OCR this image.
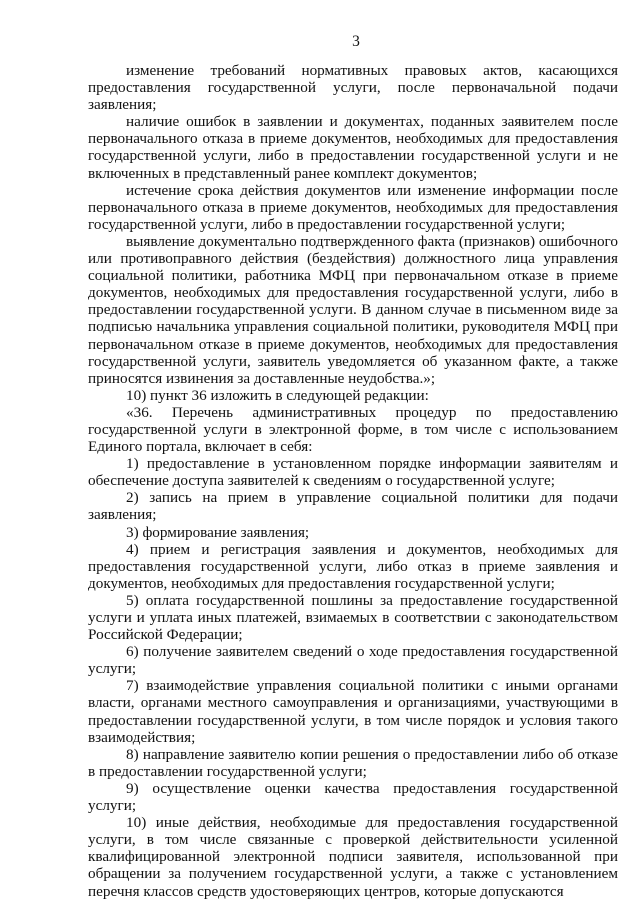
3

изменение требований нормативных правовых актов, касающихся предоставления государственной услуги, после первоначальной подачи заявления;

наличие ошибок в заявлении и документах, поданных заявителем после первоначального отказа в приеме документов, необходимых для предоставления государственной услуги, либо в предоставлении государственной услуги и не включенных в представленный ранее комплект документов;

истечение срока действия документов или изменение информации после первоначального отказа в приеме документов, необходимых для предоставления государственной услуги, либо в предоставлении государственной услуги;

выявление документально подтвержденного факта (признаков) ошибочного или противоправного действия (бездействия) должностного лица управления социальной политики, работника МФЦ при первоначальном отказе в приеме документов, необходимых для предоставления государственной услуги, либо в предоставлении государственной услуги. В данном случае в письменном виде за подписью начальника управления социальной политики, руководителя МФЦ при первоначальном отказе в приеме документов, необходимых для предоставления государственной услуги, заявитель уведомляется об указанном факте, а также приносятся извинения за доставленные неудобства.»;

10) пункт 36 изложить в следующей редакции:

«36. Перечень административных процедур по предоставлению государственной услуги в электронной форме, в том числе с использованием Единого портала, включает в себя:

1) предоставление в установленном порядке информации заявителям и обеспечение доступа заявителей к сведениям о государственной услуге;

2) запись на прием в управление социальной политики для подачи заявления;

3) формирование заявления;

4) прием и регистрация заявления и документов, необходимых для предоставления государственной услуги, либо отказ в приеме заявления и документов, необходимых для предоставления государственной услуги;

5) оплата государственной пошлины за предоставление государственной услуги и уплата иных платежей, взимаемых в соответствии с законодательством Российской Федерации;

6) получение заявителем сведений о ходе предоставления государственной услуги;

7) взаимодействие управления социальной политики с иными органами власти, органами местного самоуправления и организациями, участвующими в предоставлении государственной услуги, в том числе порядок и условия такого взаимодействия;

8) направление заявителю копии решения о предоставлении либо об отказе в предоставлении государственной услуги;

9) осуществление оценки качества предоставления государственной услуги;

10) иные действия, необходимые для предоставления государственной услуги, в том числе связанные с проверкой действительности усиленной квалифицированной электронной подписи заявителя, использованной при обращении за получением государственной услуги, а также с установлением перечня классов средств удостоверяющих центров, которые допускаются
